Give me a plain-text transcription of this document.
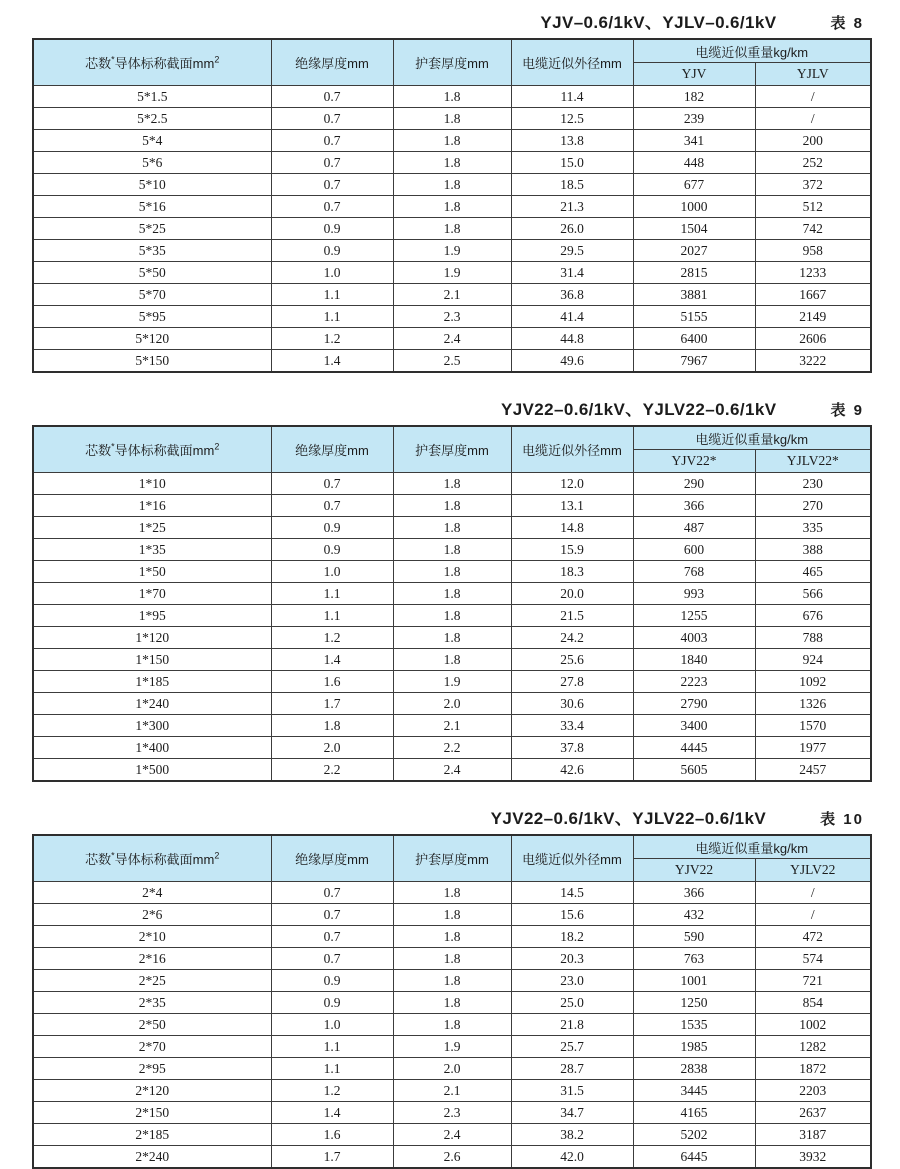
YJV–0.6/1kV、YJLV–0.6/1kV	表 8
芯数*导体标称截面$mm^2$	绝缘厚度mm	护套厚度mm	电缆近似外径mm	电缆近似重量kg/km	
				YJV	YJLV
5*1.5	0.7	1.8	11.4	182	/
5*2.5	0.7	1.8	12.5	239	/
5*4	0.7	1.8	13.8	341	200
5*6	0.7	1.8	15.0	448	252
5*10	0.7	1.8	18.5	677	372
5*16	0.7	1.8	21.3	1000	512
5*25	0.9	1.8	26.0	1504	742
5*35	0.9	1.9	29.5	2027	958
5*50	1.0	1.9	31.4	2815	1233
5*70	1.1	2.1	36.8	3881	1667
5*95	1.1	2.3	41.4	5155	2149
5*120	1.2	2.4	44.8	6400	2606
5*150	1.4	2.5	49.6	7967	3222
YJV22–0.6/1kV、YJLV22–0.6/1kV	表 9
芯数*导体标称截面$mm^2$	绝缘厚度mm	护套厚度mm	电缆近似外径mm	电缆近似重量kg/km	
				YJV22*	YJLV22*
1*10	0.7	1.8	12.0	290	230
1*16	0.7	1.8	13.1	366	270
1*25	0.9	1.8	14.8	487	335
1*35	0.9	1.8	15.9	600	388
1*50	1.0	1.8	18.3	768	465
1*70	1.1	1.8	20.0	993	566
1*95	1.1	1.8	21.5	1255	676
1*120	1.2	1.8	24.2	4003	788
1*150	1.4	1.8	25.6	1840	924
1*185	1.6	1.9	27.8	2223	1092
1*240	1.7	2.0	30.6	2790	1326
1*300	1.8	2.1	33.4	3400	1570
1*400	2.0	2.2	37.8	4445	1977
1*500	2.2	2.4	42.6	5605	2457
YJV22–0.6/1kV、YJLV22–0.6/1kV	表 10
芯数*导体标称截面$mm^2$	绝缘厚度mm	护套厚度mm	电缆近似外径mm	电缆近似重量kg/km	
				YJV22	YJLV22
2*4	0.7	1.8	14.5	366	/
2*6	0.7	1.8	15.6	432	/
2*10	0.7	1.8	18.2	590	472
2*16	0.7	1.8	20.3	763	574
2*25	0.9	1.8	23.0	1001	721
2*35	0.9	1.8	25.0	1250	854
2*50	1.0	1.8	21.8	1535	1002
2*70	1.1	1.9	25.7	1985	1282
2*95	1.1	2.0	28.7	2838	1872
2*120	1.2	2.1	31.5	3445	2203
2*150	1.4	2.3	34.7	4165	2637
2*185	1.6	2.4	38.2	5202	3187
2*240	1.7	2.6	42.0	6445	3932
